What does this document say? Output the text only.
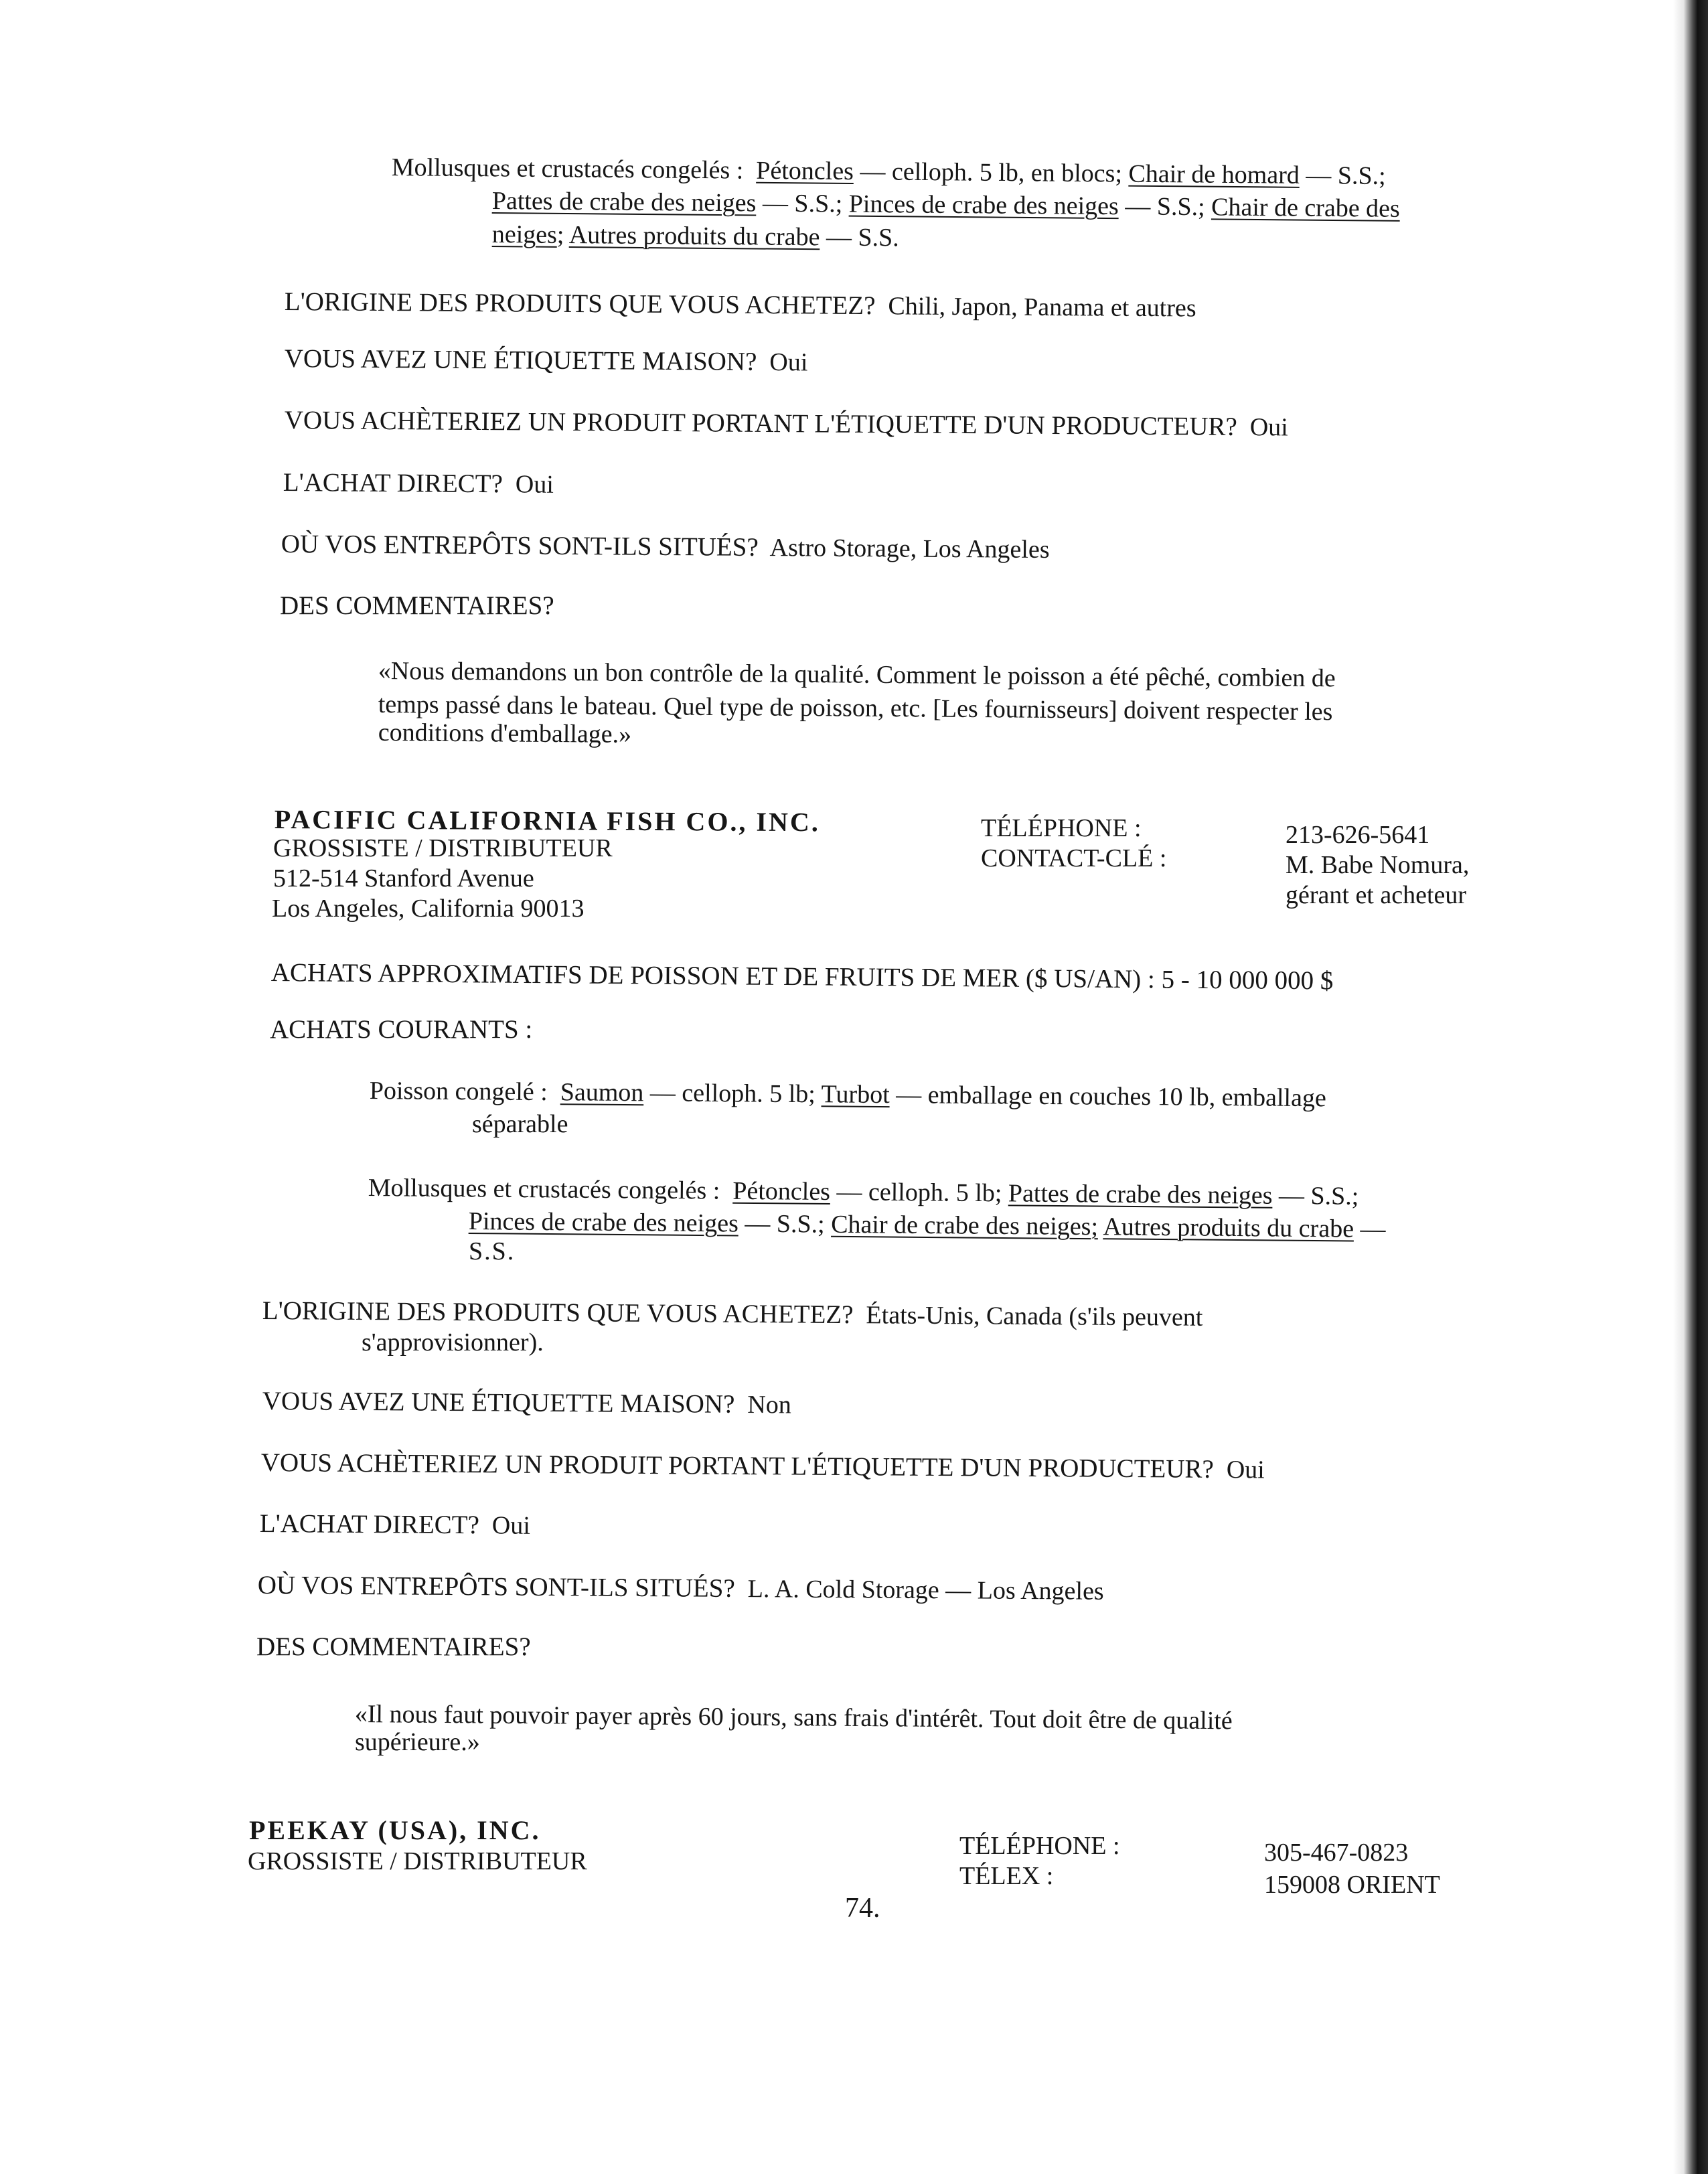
Mollusques et crustacés congelés : Pétoncles — celloph. 5 lb, en blocs; Chair de homard — S.S.;
Pattes de crabe des neiges — S.S.; Pinces de crabe des neiges — S.S.; Chair de crabe des
neiges; Autres produits du crabe — S.S.
L'ORIGINE DES PRODUITS QUE VOUS ACHETEZ? Chili, Japon, Panama et autres
VOUS AVEZ UNE ÉTIQUETTE MAISON? Oui
VOUS ACHÈTERIEZ UN PRODUIT PORTANT L'ÉTIQUETTE D'UN PRODUCTEUR? Oui
L'ACHAT DIRECT? Oui
OÙ VOS ENTREPÔTS SONT-ILS SITUÉS? Astro Storage, Los Angeles
DES COMMENTAIRES?
«Nous demandons un bon contrôle de la qualité. Comment le poisson a été pêché, combien de
temps passé dans le bateau. Quel type de poisson, etc. [Les fournisseurs] doivent respecter les
conditions d'emballage.»
PACIFIC CALIFORNIA FISH CO., INC.
GROSSISTE / DISTRIBUTEUR
512-514 Stanford Avenue
Los Angeles, California 90013
TÉLÉPHONE :
CONTACT-CLÉ :
213-626-5641
M. Babe Nomura,
gérant et acheteur
ACHATS APPROXIMATIFS DE POISSON ET DE FRUITS DE MER ($ US/AN) : 5 - 10 000 000 $
ACHATS COURANTS :
Poisson congelé : Saumon — celloph. 5 lb; Turbot — emballage en couches 10 lb, emballage
séparable
Mollusques et crustacés congelés : Pétoncles — celloph. 5 lb; Pattes de crabe des neiges — S.S.;
Pinces de crabe des neiges — S.S.; Chair de crabe des neiges; Autres produits du crabe —
S.S.
L'ORIGINE DES PRODUITS QUE VOUS ACHETEZ? États-Unis, Canada (s'ils peuvent
s'approvisionner).
VOUS AVEZ UNE ÉTIQUETTE MAISON? Non
VOUS ACHÈTERIEZ UN PRODUIT PORTANT L'ÉTIQUETTE D'UN PRODUCTEUR? Oui
L'ACHAT DIRECT? Oui
OÙ VOS ENTREPÔTS SONT-ILS SITUÉS? L. A. Cold Storage — Los Angeles
DES COMMENTAIRES?
«Il nous faut pouvoir payer après 60 jours, sans frais d'intérêt. Tout doit être de qualité
supérieure.»
PEEKAY (USA), INC.
GROSSISTE / DISTRIBUTEUR
TÉLÉPHONE :
TÉLEX :
305-467-0823
159008 ORIENT
74.
